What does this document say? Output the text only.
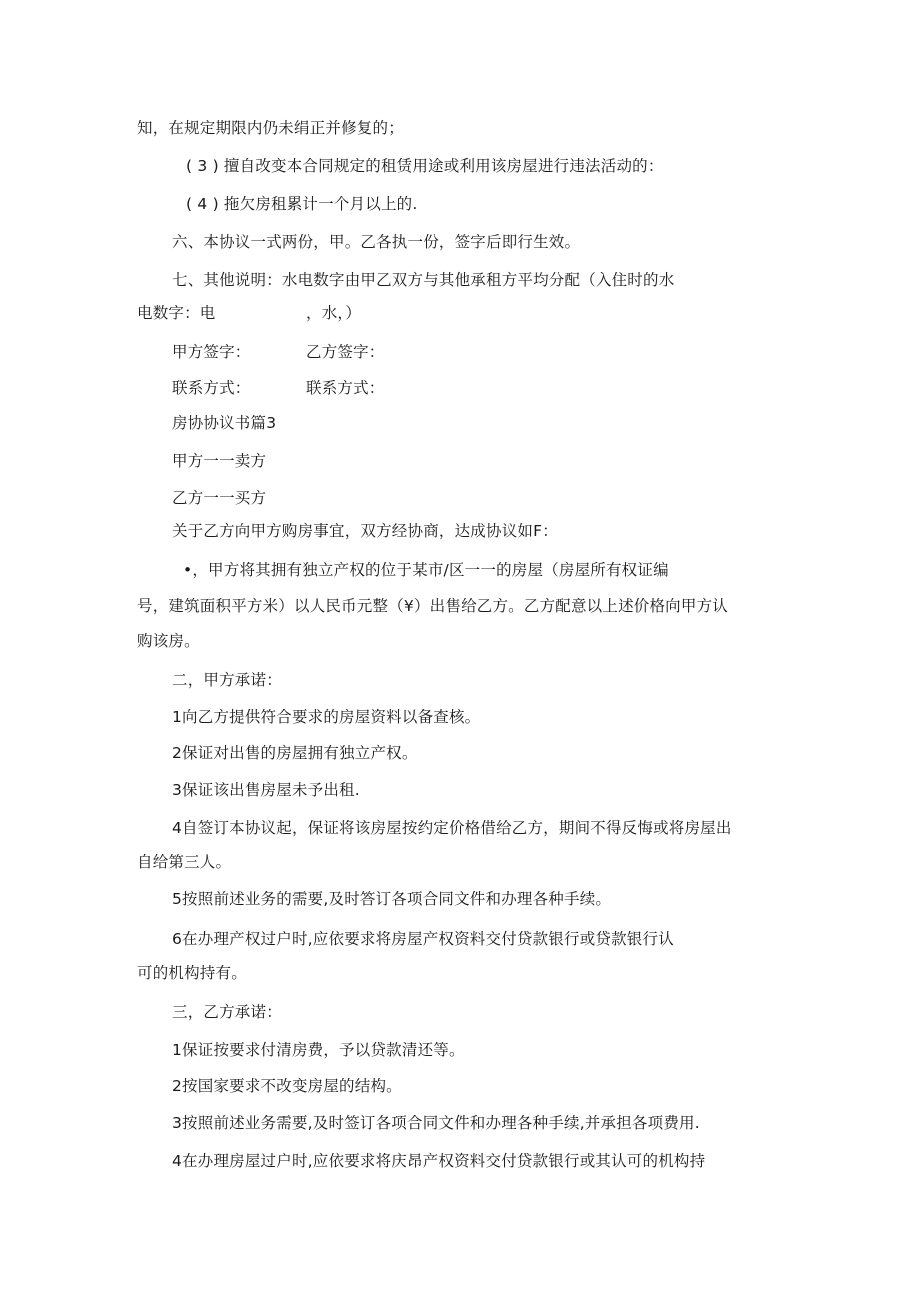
知，在规定期限内仍未绢正并修复的；
( 3 ) 擅自改变本合同规定的租赁用途或利用该房屋进行违法活动的：
( 4 ) 拖欠房租累计一个月以上的.
六、本协议一式两份，甲。乙各执一份，签字后即行生效。
七、其他说明：水电数字由甲乙双方与其他承租方平均分配（入住时的水
电数字：电	，水，）
甲方签字：	乙方签字：
联系方式：	联系方式：
房协协议书篇3
甲方一一卖方
乙方一一买方
关于乙方向甲方购房事宜，双方经协商，达成协议如F：
•，甲方将其拥有独立产权的位于某市/区一一的房屋（房屋所有权证编
号，建筑面积平方米）以人民币元整（¥）出售给乙方。乙方配意以上述价格向甲方认
购该房。
二，甲方承诺：
1向乙方提供符合要求的房屋资料以备查核。
2保证对出售的房屋拥有独立产权。
3保证该出售房屋未予出租.
4自签订本协议起，保证将该房屋按约定价格借给乙方，期间不得反悔或将房屋出
自给第三人。
5按照前述业务的需要,及时答订各项合同文件和办理各种手续。
6在办理产权过户时,应依要求将房屋产权资料交付贷款银行或贷款银行认
可的机构持有。
三，乙方承诺：
1保证按要求付清房费，予以贷款清还等。
2按国家要求不改变房屋的结构。
3按照前述业务需要,及时签订各项合同文件和办理各种手续,并承担各项费用.
4在办理房屋过户时,应依要求将庆昂产权资料交付贷款银行或其认可的机构持
